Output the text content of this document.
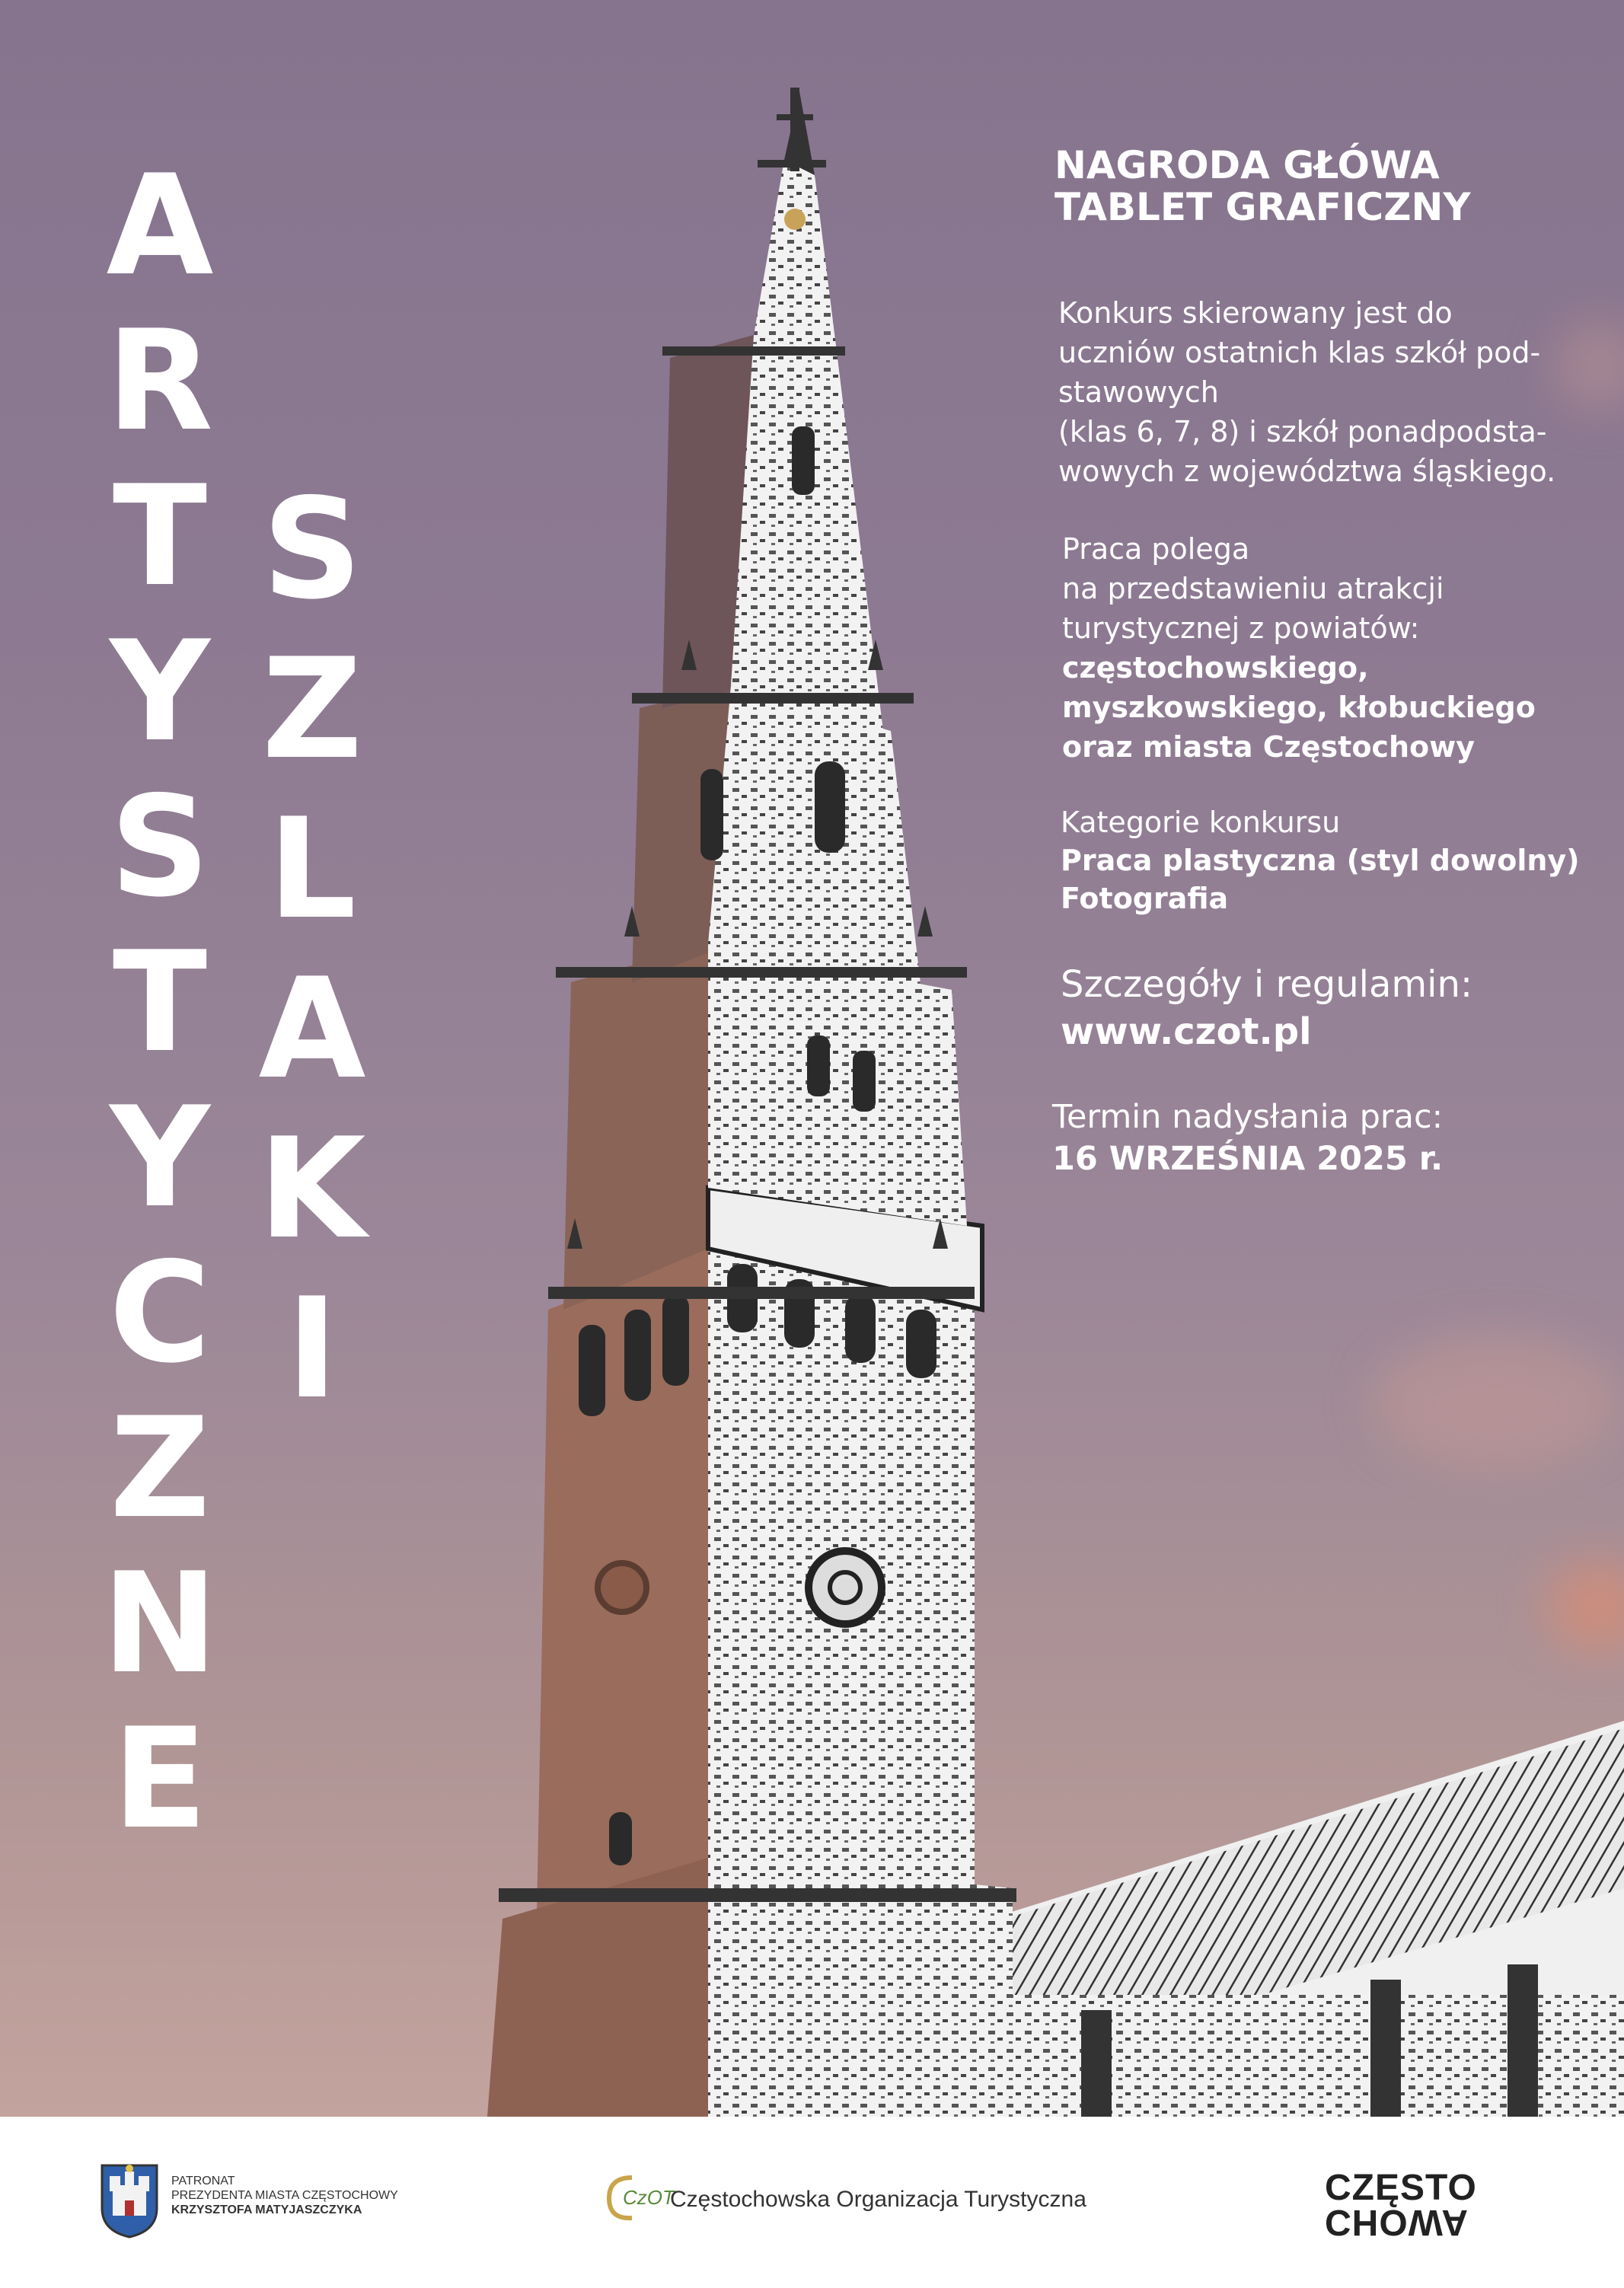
A
R
T
Y
S
T
Y
C
Z
N
E
S
Z
L
A
K
I

NAGRODA GŁÓWA

TABLET GRAFICZNY

Konkurs skierowany jest do

uczniów ostatnich klas szkół pod-

stawowych

(klas 6, 7, 8) i szkół ponadpodsta-

wowych z województwa śląskiego.

Praca polega

na przedstawieniu atrakcji

turystycznej z powiatów:

częstochowskiego,

myszkowskiego, kłobuckiego

oraz miasta Częstochowy

Kategorie konkursu

Praca plastyczna (styl dowolny)

Fotografia

Szczegóły i regulamin:

www.czot.pl

Termin nadysłania prac:

16 WRZEŚNIA 2025 r.

PATRONAT
PREZYDENTA MIASTA CZĘSTOCHOWY
KRZYSZTOFA MATYJASZCZYKA
CzOT
Częstochowska Organizacja Turystyczna	CZĘSTO
CHOWA
